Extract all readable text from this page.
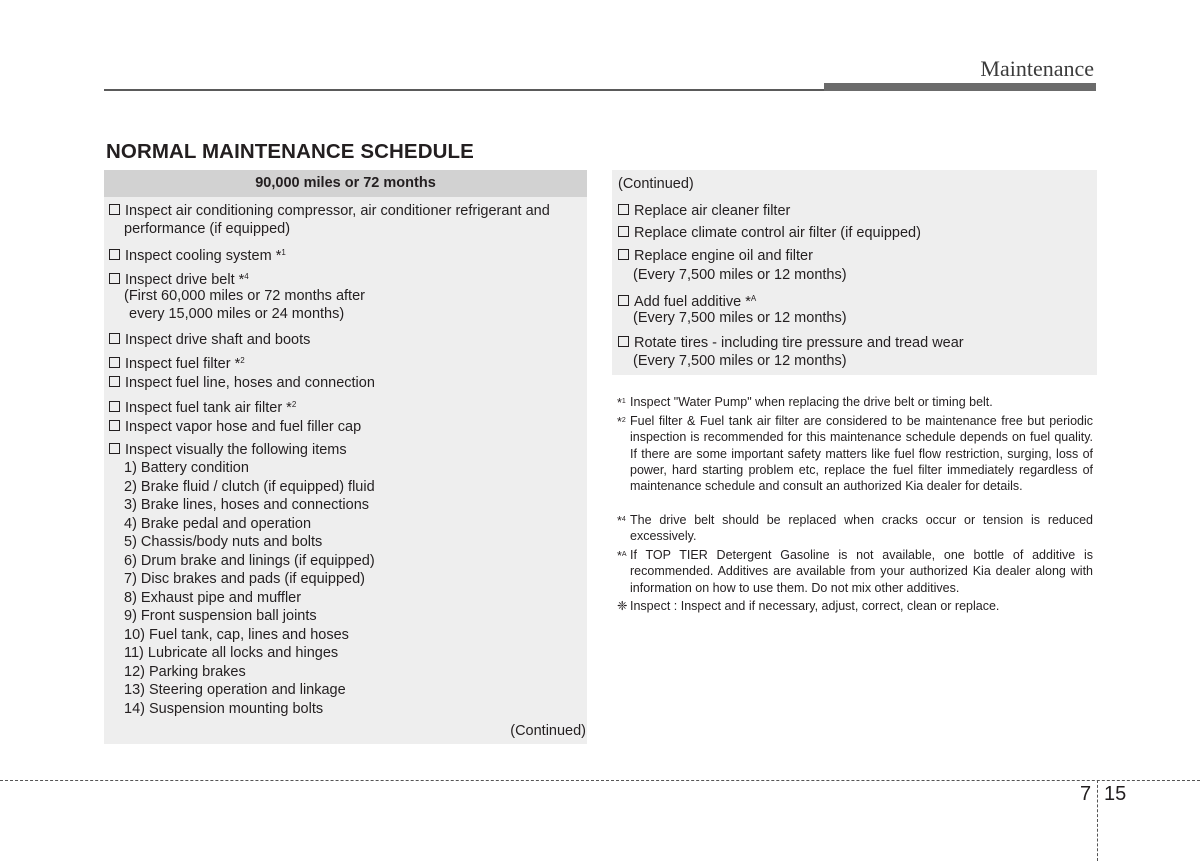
Maintenance
NORMAL MAINTENANCE SCHEDULE
90,000 miles or 72 months
Inspect air conditioning compressor, air conditioner refrigerant and
performance (if equipped)
Inspect cooling system *$^1$
Inspect drive belt *$^4$
(First 60,000 miles or 72 months after
every 15,000 miles or 24 months)
Inspect drive shaft and boots
Inspect fuel filter *$^2$
Inspect fuel line, hoses and connection
Inspect fuel tank air filter *$^2$
Inspect vapor hose and fuel filler cap
Inspect visually the following items
1) Battery condition
2) Brake fluid / clutch (if equipped) fluid
3) Brake lines, hoses and connections
4) Brake pedal and operation
5) Chassis/body nuts and bolts
6) Drum brake and linings (if equipped)
7) Disc brakes and pads (if equipped)
8) Exhaust pipe and muffler
9) Front suspension ball joints
10) Fuel tank, cap, lines and hoses
11) Lubricate all locks and hinges
12) Parking brakes
13) Steering operation and linkage
14) Suspension mounting bolts
(Continued)
(Continued)
Replace air cleaner filter
Replace climate control air filter (if equipped)
Replace engine oil and filter
(Every 7,500 miles or 12 months)
Add fuel additive *$^A$
(Every 7,500 miles or 12 months)
Rotate tires - including tire pressure and tread wear
(Every 7,500 miles or 12 months)
*$^1$ Inspect "Water Pump" when replacing the drive belt or timing belt.
*$^2$ Fuel filter & Fuel tank air filter are considered to be maintenance free but periodic inspection is recommended for this maintenance schedule depends on fuel quality. If there are some important safety matters like fuel flow restriction, surging, loss of power, hard starting problem etc, replace the fuel filter immediately regardless of maintenance schedule and consult an authorized Kia dealer for details.
*$^4$ The drive belt should be replaced when cracks occur or tension is reduced excessively.
*$^A$ If TOP TIER Detergent Gasoline is not available, one bottle of additive is recommended. Additives are available from your authorized Kia dealer along with information on how to use them. Do not mix other additives.
❈ Inspect : Inspect and if necessary, adjust, correct, clean or replace.
7 15
